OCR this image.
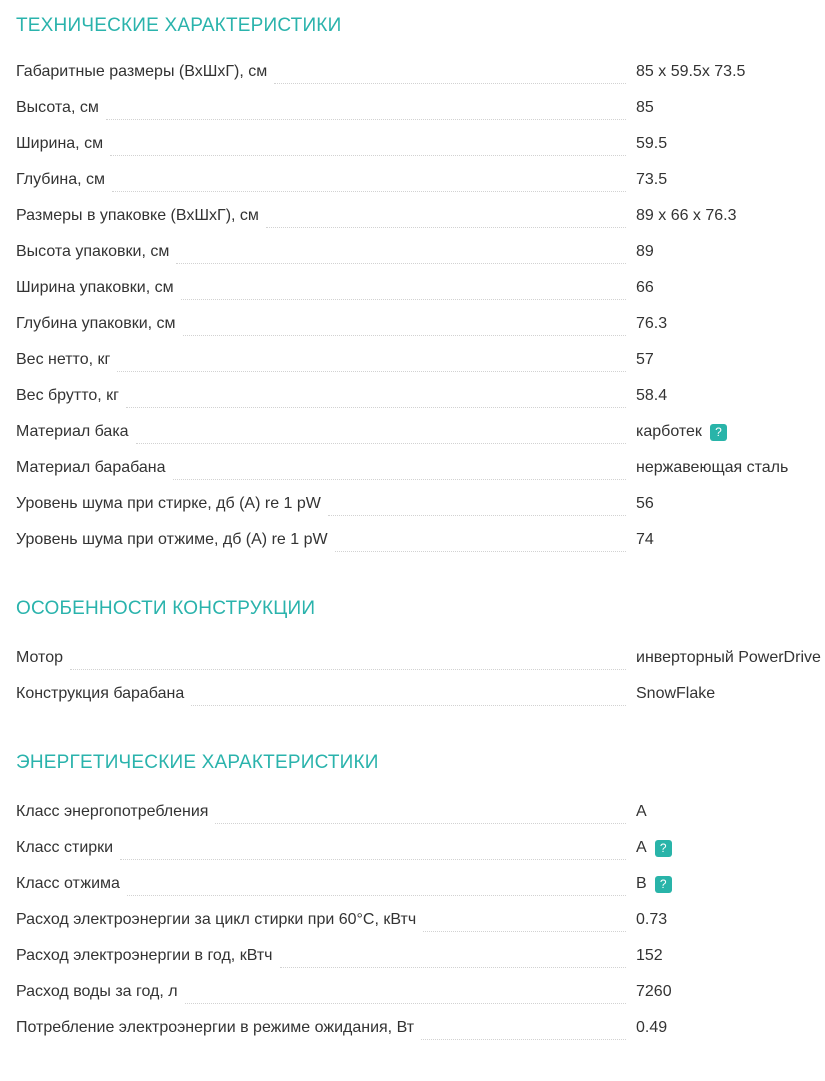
ТЕХНИЧЕСКИЕ ХАРАКТЕРИСТИКИ
Габаритные размеры (ВхШхГ), см	85 x 59.5x 73.5
Высота, см	85
Ширина, см	59.5
Глубина, см	73.5
Размеры в упаковке (ВхШхГ), см	89 x 66 x 76.3
Высота упаковки, см	89
Ширина упаковки, см	66
Глубина упаковки, см	76.3
Вес нетто, кг	57
Вес брутто, кг	58.4
Материал бака	карботек	?
Материал барабана	нержавеющая сталь
Уровень шума при стирке, дб (А) re 1 pW	56
Уровень шума при отжиме, дб (А) re 1 pW	74
ОСОБЕННОСТИ КОНСТРУКЦИИ
Мотор	инверторный PowerDrive
Конструкция барабана	SnowFlake
ЭНЕРГЕТИЧЕСКИЕ ХАРАКТЕРИСТИКИ
Класс энергопотребления	А
Класс стирки	А	?
Класс отжима	В	?
Расход электроэнергии за цикл стирки при 60°С, кВтч	0.73
Расход электроэнергии в год, кВтч	152
Расход воды за год, л	7260
Потребление электроэнергии в режиме ожидания, Вт	0.49
